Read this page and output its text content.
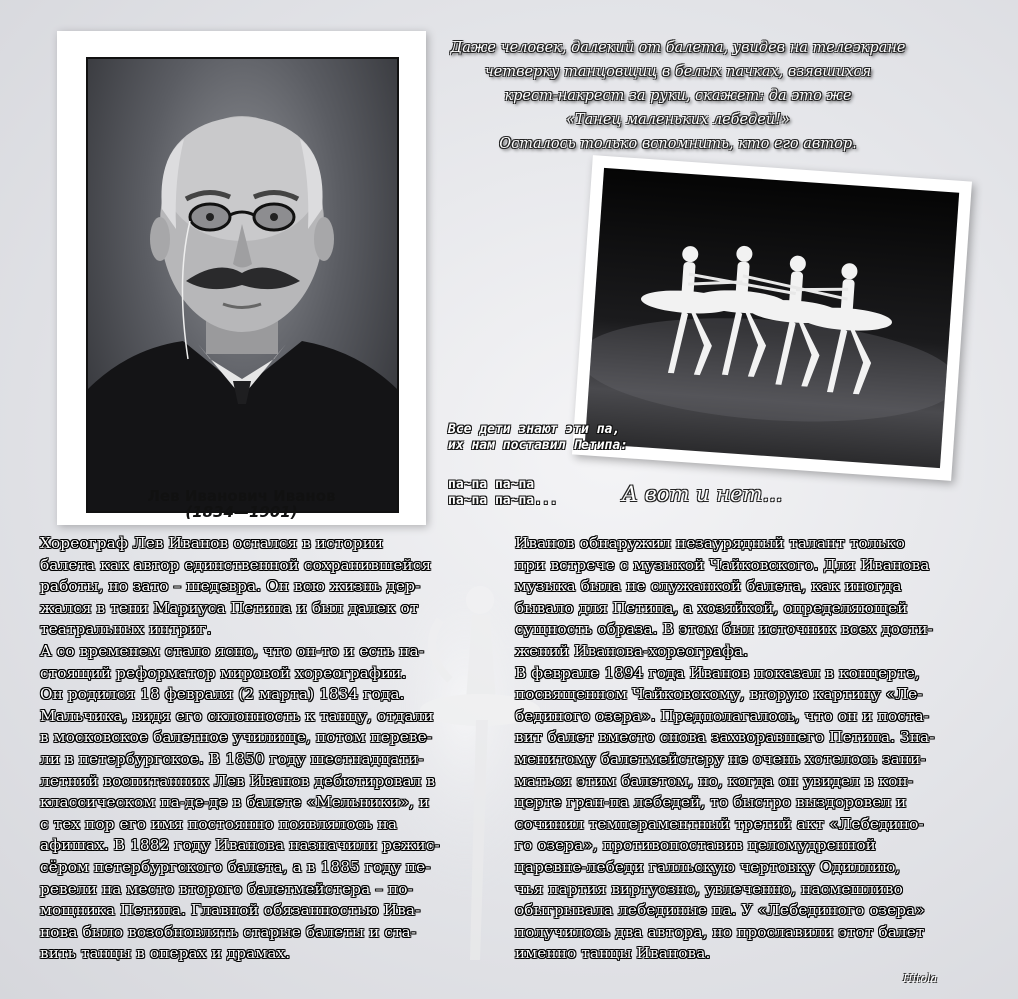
Лев Иванович Иванов
(1834—1901)
Даже человек, далекий от балета, увидев на телеэкране
четверку танцовщиц в белых пачках, взявшихся
крест-накрест за руки, скажет: да это же
«Танец маленьких лебедей!»
Осталось только вспомнить, кто его автор.
Все дети знают эти па,
их нам поставил Петипа:
па~па па~па
па~па па~па...	А вот и нет...
Хореограф Лев Иванов остался в истории
балета как автор единственной сохранившейся
работы, но зато – шедевра. Он всю жизнь дер-
жался в тени Мариуса Петипа и был далек от
театральных интриг.
А со временем стало ясно, что он-то и есть на-
стоящий реформатор мировой хореографии.
Он родился 18 февраля (2 марта) 1834 года.
Мальчика, видя его склонность к танцу, отдали
в московское балетное училище, потом переве-
ли в петербургское. В 1850 году шестнадцати-
летний воспитанник Лев Иванов дебютировал в
классическом па-де-де в балете «Мельники», и
с тех пор его имя постоянно появлялось на
афишах. В 1882 году Иванова назначили режис-
сёром петербургского балета, а в 1885 году пе-
ревели на место второго балетмейстера – по-
мощника Петипа. Главной обязанностью Ива-
нова было возобновлять старые балеты и ста-
вить танцы в операх и драмах.
Иванов обнаружил незаурядный талант только
при встрече с музыкой Чайковского. Для Иванова
музыка была не служанкой балета, как иногда
бывало для Петипа, а хозяйкой, определяющей
сущность образа. В этом был источник всех дости-
жений Иванова-хореографа.
В феврале 1894 года Иванов показал в концерте,
посвященном Чайковскому, вторую картину «Ле-
бединого озера». Предполагалось, что он и поста-
вит балет вместо снова захворавшего Петипа. Зна-
менитому балетмейстеру не очень хотелось зани-
маться этим балетом, но, когда он увидел в кон-
церте гран-па лебедей, то быстро выздоровел и
сочинил темпераментный третий акт «Лебедино-
го озера», противопоставив целомудренной
царевне-лебеди галльскую чертовку Одиллию,
чья партия виртуозно, увлеченно, насмешливо
обыгрывала лебединые па. У «Лебединого озера»
получилось два автора, но прославили этот балет
именно танцы Иванова.
Hitola
